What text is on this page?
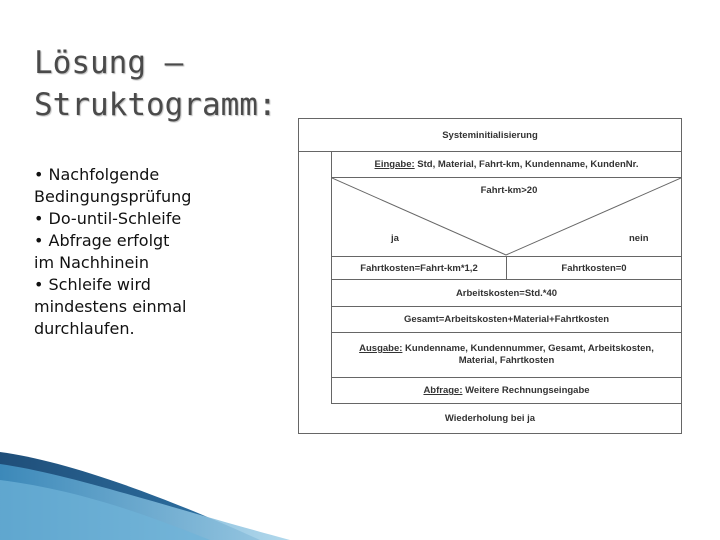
Lösung –
Struktogramm:
• Nachfolgende
Bedingungsprüfung
• Do-until-Schleife
• Abfrage erfolgt
im Nachhinein
• Schleife wird
mindestens einmal
durchlaufen.
Systeminitialisierung
Eingabe: Std, Material, Fahrt-km, Kundenname, KundenNr.
Fahrt-km>20
ja	nein
Fahrtkosten=Fahrt-km*1,2	Fahrtkosten=0
Arbeitskosten=Std.*40
Gesamt=Arbeitskosten+Material+Fahrtkosten
Ausgabe: Kundenname, Kundennummer, Gesamt, Arbeitskosten,
Material, Fahrtkosten
Abfrage: Weitere Rechnungseingabe
Wiederholung bei ja
